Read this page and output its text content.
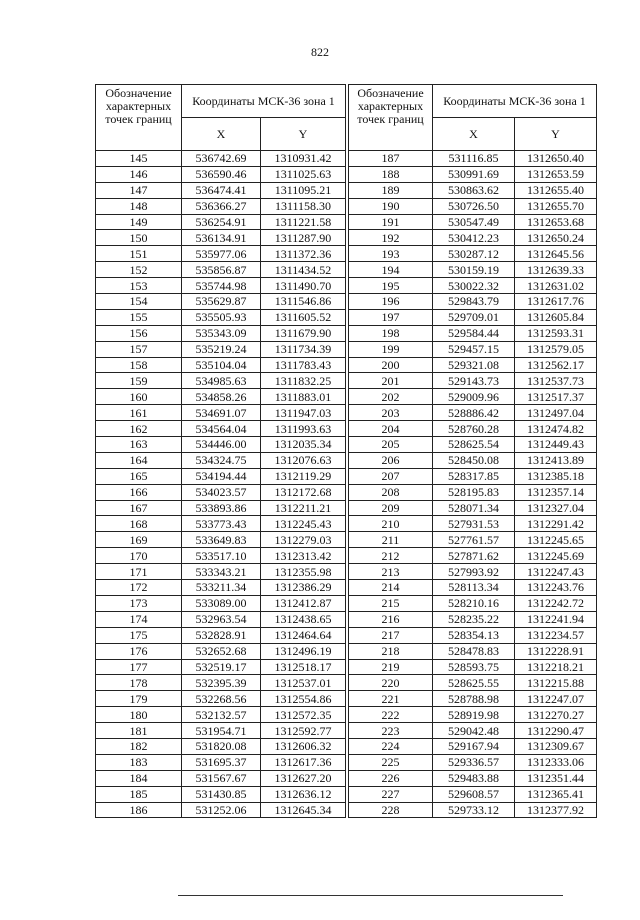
822
Обозначение характерных точек границ	Координаты МСК-36 зона 1	
	X	Y
145	536742.69	1310931.42
146	536590.46	1311025.63
147	536474.41	1311095.21
148	536366.27	1311158.30
149	536254.91	1311221.58
150	536134.91	1311287.90
151	535977.06	1311372.36
152	535856.87	1311434.52
153	535744.98	1311490.70
154	535629.87	1311546.86
155	535505.93	1311605.52
156	535343.09	1311679.90
157	535219.24	1311734.39
158	535104.04	1311783.43
159	534985.63	1311832.25
160	534858.26	1311883.01
161	534691.07	1311947.03
162	534564.04	1311993.63
163	534446.00	1312035.34
164	534324.75	1312076.63
165	534194.44	1312119.29
166	534023.57	1312172.68
167	533893.86	1312211.21
168	533773.43	1312245.43
169	533649.83	1312279.03
170	533517.10	1312313.42
171	533343.21	1312355.98
172	533211.34	1312386.29
173	533089.00	1312412.87
174	532963.54	1312438.65
175	532828.91	1312464.64
176	532652.68	1312496.19
177	532519.17	1312518.17
178	532395.39	1312537.01
179	532268.56	1312554.86
180	532132.57	1312572.35
181	531954.71	1312592.77
182	531820.08	1312606.32
183	531695.37	1312617.36
184	531567.67	1312627.20
185	531430.85	1312636.12
186	531252.06	1312645.34
Обозначение характерных точек границ	Координаты МСК-36 зона 1	
	X	Y
187	531116.85	1312650.40
188	530991.69	1312653.59
189	530863.62	1312655.40
190	530726.50	1312655.70
191	530547.49	1312653.68
192	530412.23	1312650.24
193	530287.12	1312645.56
194	530159.19	1312639.33
195	530022.32	1312631.02
196	529843.79	1312617.76
197	529709.01	1312605.84
198	529584.44	1312593.31
199	529457.15	1312579.05
200	529321.08	1312562.17
201	529143.73	1312537.73
202	529009.96	1312517.37
203	528886.42	1312497.04
204	528760.28	1312474.82
205	528625.54	1312449.43
206	528450.08	1312413.89
207	528317.85	1312385.18
208	528195.83	1312357.14
209	528071.34	1312327.04
210	527931.53	1312291.42
211	527761.57	1312245.65
212	527871.62	1312245.69
213	527993.92	1312247.43
214	528113.34	1312243.76
215	528210.16	1312242.72
216	528235.22	1312241.94
217	528354.13	1312234.57
218	528478.83	1312228.91
219	528593.75	1312218.21
220	528625.55	1312215.88
221	528788.98	1312247.07
222	528919.98	1312270.27
223	529042.48	1312290.47
224	529167.94	1312309.67
225	529336.57	1312333.06
226	529483.88	1312351.44
227	529608.57	1312365.41
228	529733.12	1312377.92
